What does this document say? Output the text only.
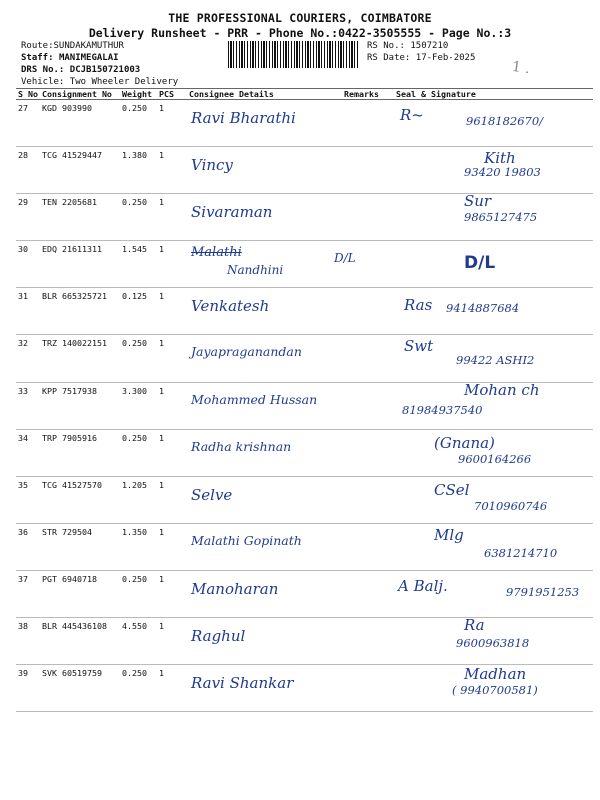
THE PROFESSIONAL COURIERS, COIMBATORE
Delivery Runsheet - PRR - Phone No.:0422-3505555 - Page No.:3
Route:SUNDAKAMUTHUR
Staff: MANIMEGALAI
DRS No.: DCJB150721003
Vehicle: Two Wheeler Delivery
RS No.: 1507210
RS Date: 17-Feb-2025
1 .
S No	Consignment No	Weight	PCS	Consignee Details	Remarks	Seal & Signature
27	KGD 903990	0.250	1	Ravi Bharathi		R~ 9618182670/

28	TCG 41529447	1.380	1	Vincy		Kith
93420 19803

29	TEN 2205681	0.250	1	Sivaraman		Sur
9865127475

30	EDQ 21611311	1.545	1	Malathi
Nandhini	D/L	D/L

31	BLR 665325721	0.125	1	Venkatesh		Ras 9414887684

32	TRZ 140022151	0.250	1	Jayapraganandan		Swt
99422 ASHI2

33	KPP 7517938	3.300	1	Mohammed Hussan		Mohan ch
81984937540

34	TRP 7905916	0.250	1	Radha krishnan		(Gnana)
9600164266

35	TCG 41527570	1.205	1	Selve		CSel
7010960746

36	STR 729504	1.350	1	Malathi Gopinath		Mlg
6381214710

37	PGT 6940718	0.250	1	Manoharan		A Balj. 9791951253

38	BLR 445436108	4.550	1	Raghul		Ra
9600963818

39	SVK 60519759	0.250	1	Ravi Shankar		Madhan
( 9940700581)
